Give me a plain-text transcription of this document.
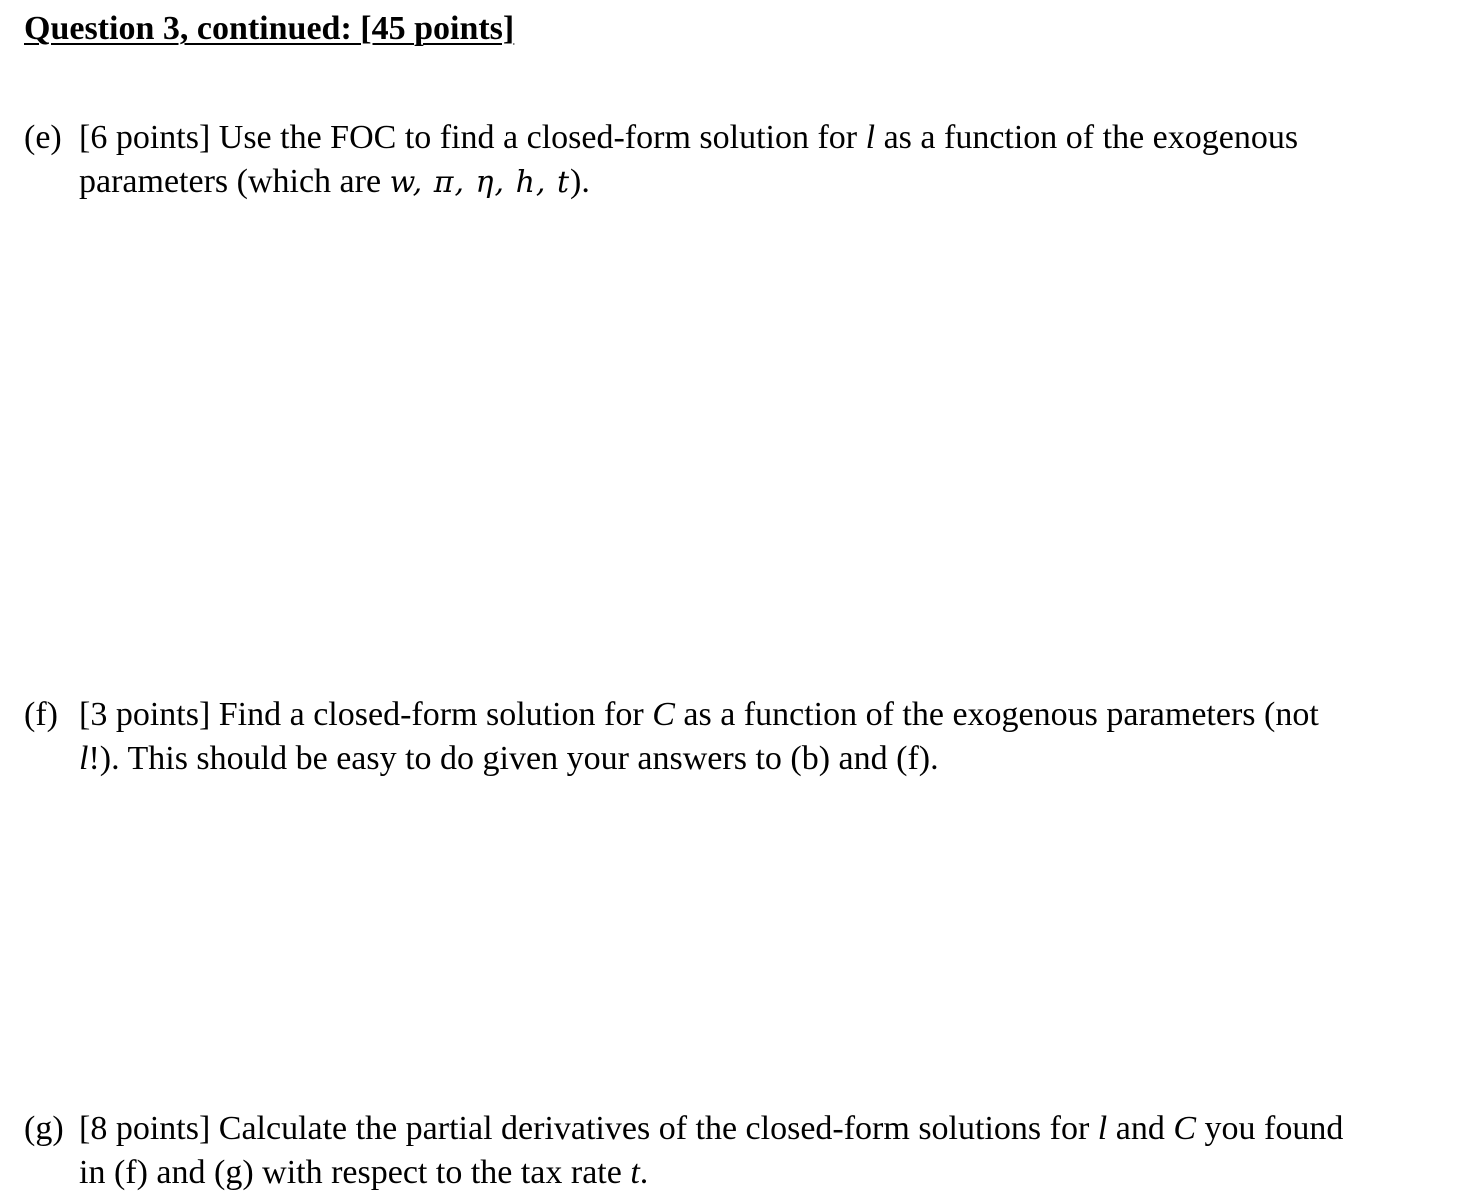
Question 3, continued: [45 points]
(e) [6 points] Use the FOC to find a closed-form solution for l as a function of the exogenous
parameters (which are w, π, η, h, t).
(f) [3 points] Find a closed-form solution for C as a function of the exogenous parameters (not
l!). This should be easy to do given your answers to (b) and (f).
(g) [8 points] Calculate the partial derivatives of the closed-form solutions for l and C you found
in (f) and (g) with respect to the tax rate t.
